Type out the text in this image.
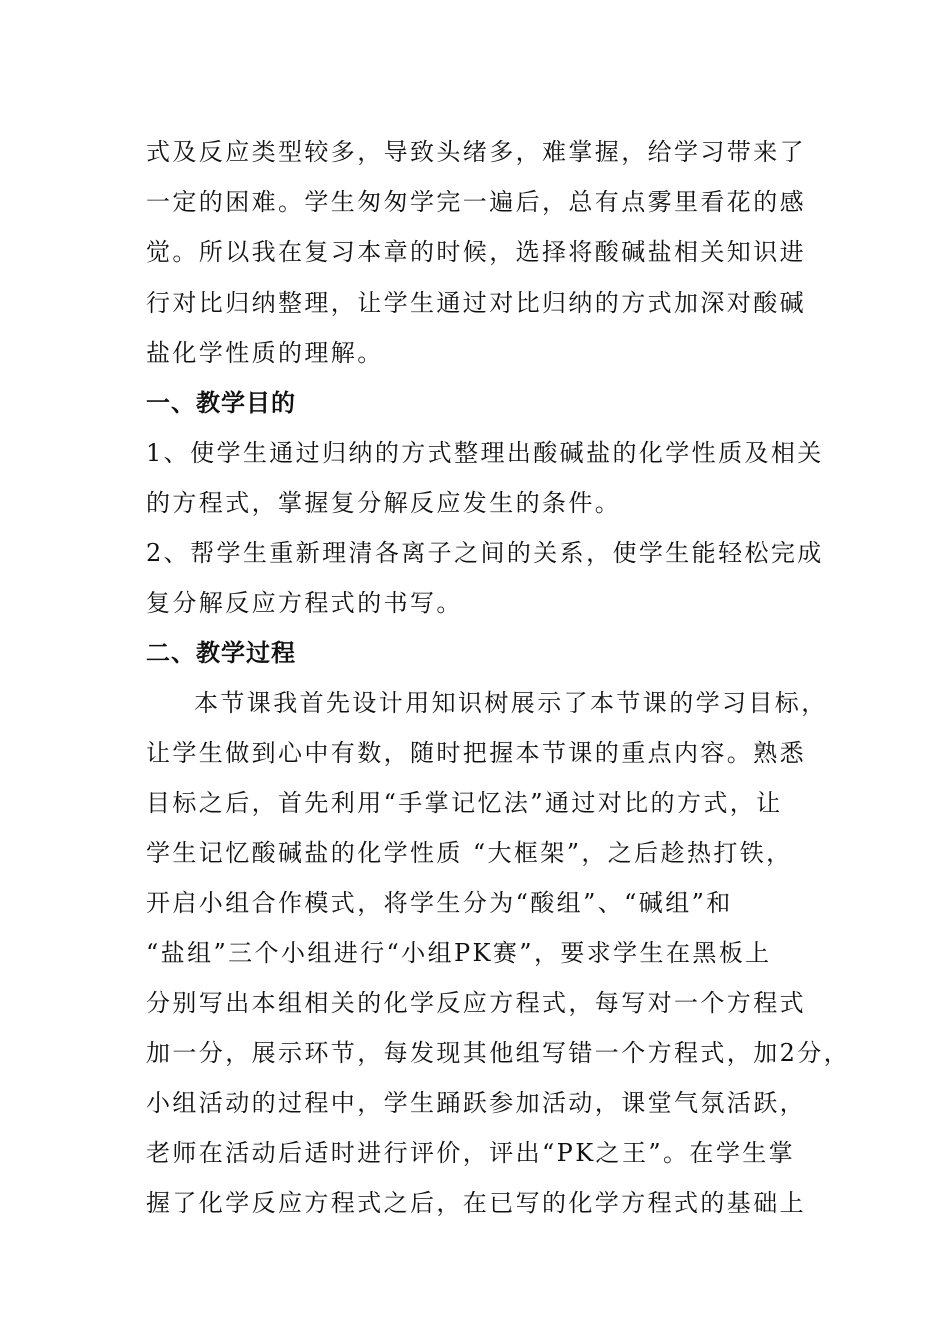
式及反应类型较多，导致头绪多，难掌握，给学习带来了
一定的困难。学生匆匆学完一遍后，总有点雾里看花的感
觉。所以我在复习本章的时候，选择将酸碱盐相关知识进
行对比归纳整理，让学生通过对比归纳的方式加深对酸碱
盐化学性质的理解。
一、教学目的
1、使学生通过归纳的方式整理出酸碱盐的化学性质及相关
的方程式，掌握复分解反应发生的条件。
2、帮学生重新理清各离子之间的关系，使学生能轻松完成
复分解反应方程式的书写。
二、教学过程
本节课我首先设计用知识树展示了本节课的学习目标，
让学生做到心中有数，随时把握本节课的重点内容。熟悉
目标之后，首先利用“手掌记忆法”通过对比的方式，让
学生记忆酸碱盐的化学性质 “大框架”，之后趁热打铁，
开启小组合作模式，将学生分为“酸组”、“碱组”和
“盐组”三个小组进行“小组PK赛”，要求学生在黑板上
分别写出本组相关的化学反应方程式，每写对一个方程式
加一分，展示环节，每发现其他组写错一个方程式，加2分，
小组活动的过程中，学生踊跃参加活动，课堂气氛活跃，
老师在活动后适时进行评价，评出“PK之王”。在学生掌
握了化学反应方程式之后，在已写的化学方程式的基础上
